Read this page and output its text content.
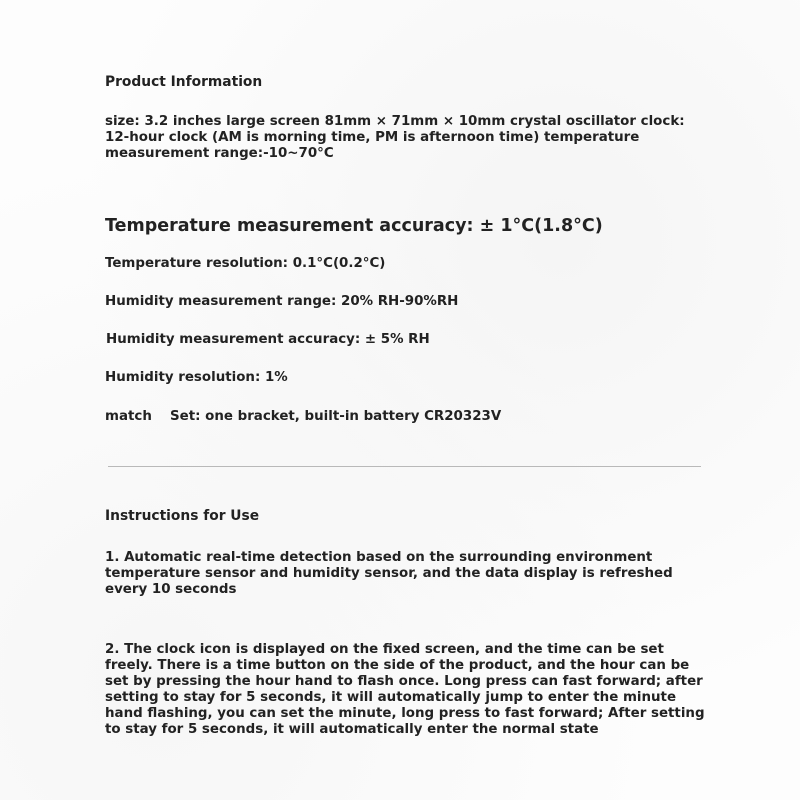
Product Information
size: 3.2 inches large screen 81mm × 71mm × 10mm crystal oscillator clock: 12-hour clock (AM is morning time, PM is afternoon time) temperature measurement range:-10~70°C
Temperature measurement accuracy: ± 1°C(1.8°C)
Temperature resolution: 0.1°C(0.2°C)
Humidity measurement range: 20% RH-90%RH
Humidity measurement accuracy: ± 5% RH
Humidity resolution: 1%
match Set: one bracket, built-in battery CR20323V
Instructions for Use
1. Automatic real-time detection based on the surrounding environment temperature sensor and humidity sensor, and the data display is refreshed every 10 seconds
2. The clock icon is displayed on the fixed screen, and the time can be set freely. There is a time button on the side of the product, and the hour can be set by pressing the hour hand to flash once. Long press can fast forward; after setting to stay for 5 seconds, it will automatically jump to enter the minute hand flashing, you can set the minute, long press to fast forward; After setting to stay for 5 seconds, it will automatically enter the normal state
